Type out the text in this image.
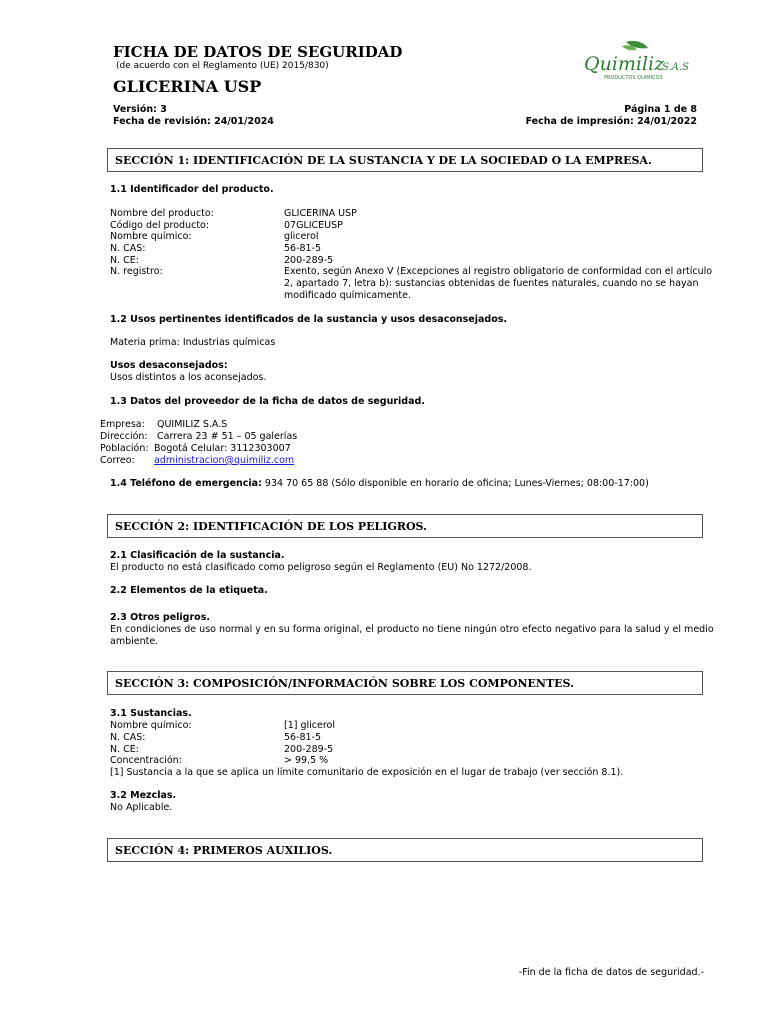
FICHA DE DATOS DE SEGURIDAD
(de acuerdo con el Reglamento (UE) 2015/830)
GLICERINA USP
Versión: 3
Fecha de revisión: 24/01/2024
Página 1 de 8
Fecha de impresión: 24/01/2022
Quimiliz
S.A.S
PRODUCTOS QUIMICOS
SECCIÓN 1: IDENTIFICACIÓN DE LA SUSTANCIA Y DE LA SOCIEDAD O LA EMPRESA.
1.1 Identificador del producto.
Nombre del producto:	GLICERINA USP
Código del producto:	07GLICEUSP
Nombre químico:	glicerol
N. CAS:	56-81-5
N. CE:	200-289-5
N. registro:	Exento, según Anexo V (Excepciones al registro obligatorio de conformidad con el artículo
2, apartado 7, letra b): sustancias obtenidas de fuentes naturales, cuando no se hayan
modificado químicamente.
1.2 Usos pertinentes identificados de la sustancia y usos desaconsejados.
Materia prima: Industrias químicas
Usos desaconsejados:
Usos distintos a los aconsejados.
1.3 Datos del proveedor de la ficha de datos de seguridad.
Empresa: QUIMILIZ S.A.S
Dirección: Carrera 23 # 51 – 05 galerías
Población: Bogotá Celular: 3112303007
Correo: administracion@quimiliz.com
1.4 Teléfono de emergencia: 934 70 65 88 (Sólo disponible en horario de oficina; Lunes-Viernes; 08:00-17:00)
SECCIÓN 2: IDENTIFICACIÓN DE LOS PELIGROS.
2.1 Clasificación de la sustancia.
El producto no está clasificado como peligroso según el Reglamento (EU) No 1272/2008.
2.2 Elementos de la etiqueta.
2.3 Otros peligros.
En condiciones de uso normal y en su forma original, el producto no tiene ningún otro efecto negativo para la salud y el medio
ambiente.
SECCIÓN 3: COMPOSICIÓN/INFORMACIÓN SOBRE LOS COMPONENTES.
3.1 Sustancias.
Nombre químico:	[1] glicerol
N. CAS:	56-81-5
N. CE:	200-289-5
Concentración:	> 99,5 %
[1] Sustancia a la que se aplica un límite comunitario de exposición en el lugar de trabajo (ver sección 8.1).
3.2 Mezclas.
No Aplicable.
SECCIÓN 4: PRIMEROS AUXILIOS.
-Fin de la ficha de datos de seguridad.-
